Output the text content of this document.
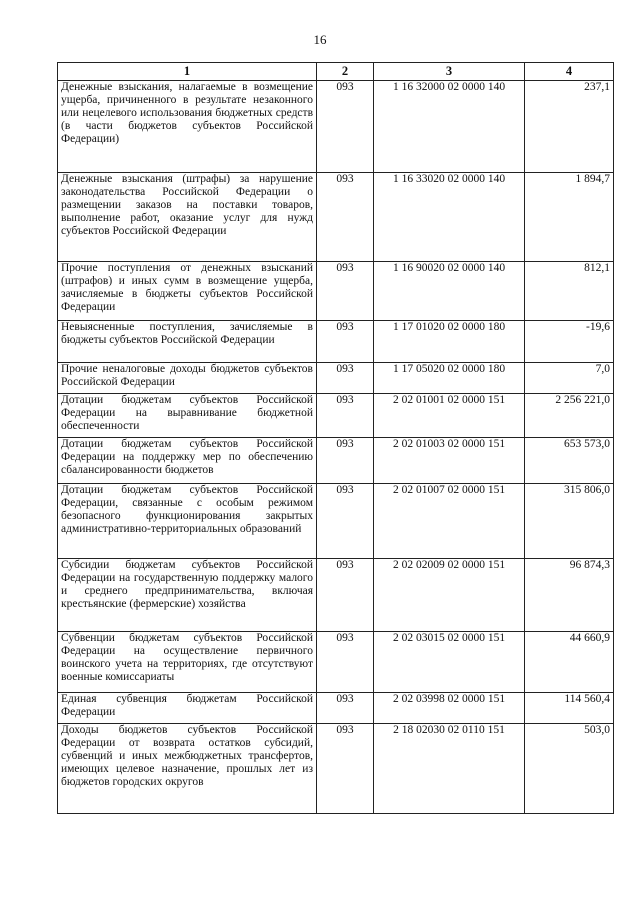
16
1	2	3	4
Денежные взыскания, налагаемые в возмещение ущерба, причиненного в результате незаконного или нецелевого использования бюджетных средств (в части бюджетов субъектов Российской Федерации)	093	1 16 32000 02 0000 140	237,1
Денежные взыскания (штрафы) за нарушение законодательства Российской Федерации о размещении заказов на поставки товаров, выполнение работ, оказание услуг для нужд субъектов Российской Федерации	093	1 16 33020 02 0000 140	1 894,7
Прочие поступления от денежных взысканий (штрафов) и иных сумм в возмещение ущерба, зачисляемые в бюджеты субъектов Российской Федерации	093	1 16 90020 02 0000 140	812,1
Невыясненные поступления, зачисляемые в бюджеты субъектов Российской Федерации	093	1 17 01020 02 0000 180	-19,6
Прочие неналоговые доходы бюджетов субъектов Российской Федерации	093	1 17 05020 02 0000 180	7,0
Дотации бюджетам субъектов Российской Федерации на выравнивание бюджетной обеспеченности	093	2 02 01001 02 0000 151	2 256 221,0
Дотации бюджетам субъектов Российской Федерации на поддержку мер по обеспечению сбалансированности бюджетов	093	2 02 01003 02 0000 151	653 573,0
Дотации бюджетам субъектов Российской Федерации, связанные с особым режимом безопасного функционирования закрытых административно-территориальных образований	093	2 02 01007 02 0000 151	315 806,0
Субсидии бюджетам субъектов Российской Федерации на государственную поддержку малого и среднего предпринимательства, включая крестьянские (фермерские) хозяйства	093	2 02 02009 02 0000 151	96 874,3
Субвенции бюджетам субъектов Российской Федерации на осуществление первичного воинского учета на территориях, где отсутствуют военные комиссариаты	093	2 02 03015 02 0000 151	44 660,9
Единая субвенция бюджетам Российской Федерации	093	2 02 03998 02 0000 151	114 560,4
Доходы бюджетов субъектов Российской Федерации от возврата остатков субсидий, субвенций и иных межбюджетных трансфертов, имеющих целевое назначение, прошлых лет из бюджетов городских округов	093	2 18 02030 02 0110 151	503,0
